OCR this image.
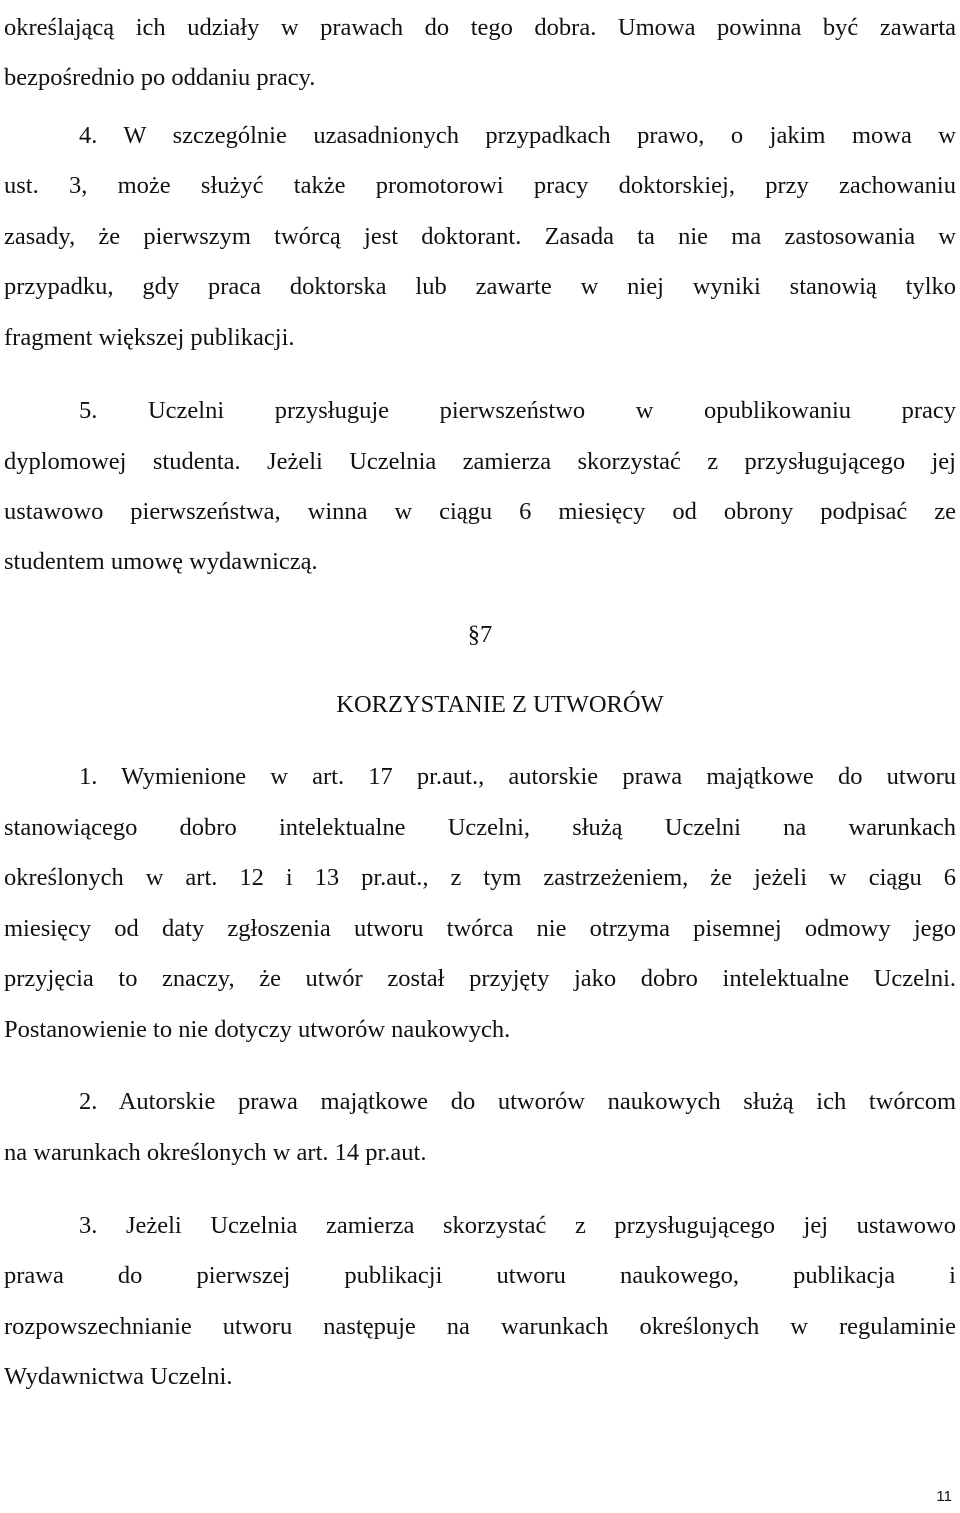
określającą ich udziały w prawach do tego dobra. Umowa powinna być zawarta

bezpośrednio po oddaniu pracy.

4. W szczególnie uzasadnionych przypadkach prawo, o jakim mowa w

ust. 3, może służyć także promotorowi pracy doktorskiej, przy zachowaniu

zasady, że pierwszym twórcą jest doktorant. Zasada ta nie ma zastosowania w

przypadku, gdy praca doktorska lub zawarte w niej wyniki stanowią tylko

fragment większej publikacji.

5. Uczelni przysługuje pierwszeństwo w opublikowaniu pracy

dyplomowej studenta. Jeżeli Uczelnia zamierza skorzystać z przysługującego jej

ustawowo pierwszeństwa, winna w ciągu 6 miesięcy od obrony podpisać ze

studentem umowę wydawniczą.

§7

KORZYSTANIE Z UTWORÓW

1. Wymienione w art. 17 pr.aut., autorskie prawa majątkowe do utworu

stanowiącego dobro intelektualne Uczelni, służą Uczelni na warunkach

określonych w art. 12 i 13 pr.aut., z tym zastrzeżeniem, że jeżeli w ciągu 6

miesięcy od daty zgłoszenia utworu twórca nie otrzyma pisemnej odmowy jego

przyjęcia to znaczy, że utwór został przyjęty jako dobro intelektualne Uczelni.

Postanowienie to nie dotyczy utworów naukowych.

2. Autorskie prawa majątkowe do utworów naukowych służą ich twórcom

na warunkach określonych w art. 14 pr.aut.

3. Jeżeli Uczelnia zamierza skorzystać z przysługującego jej ustawowo

prawa do pierwszej publikacji utworu naukowego, publikacja i

rozpowszechnianie utworu następuje na warunkach określonych w regulaminie

Wydawnictwa Uczelni.

11
